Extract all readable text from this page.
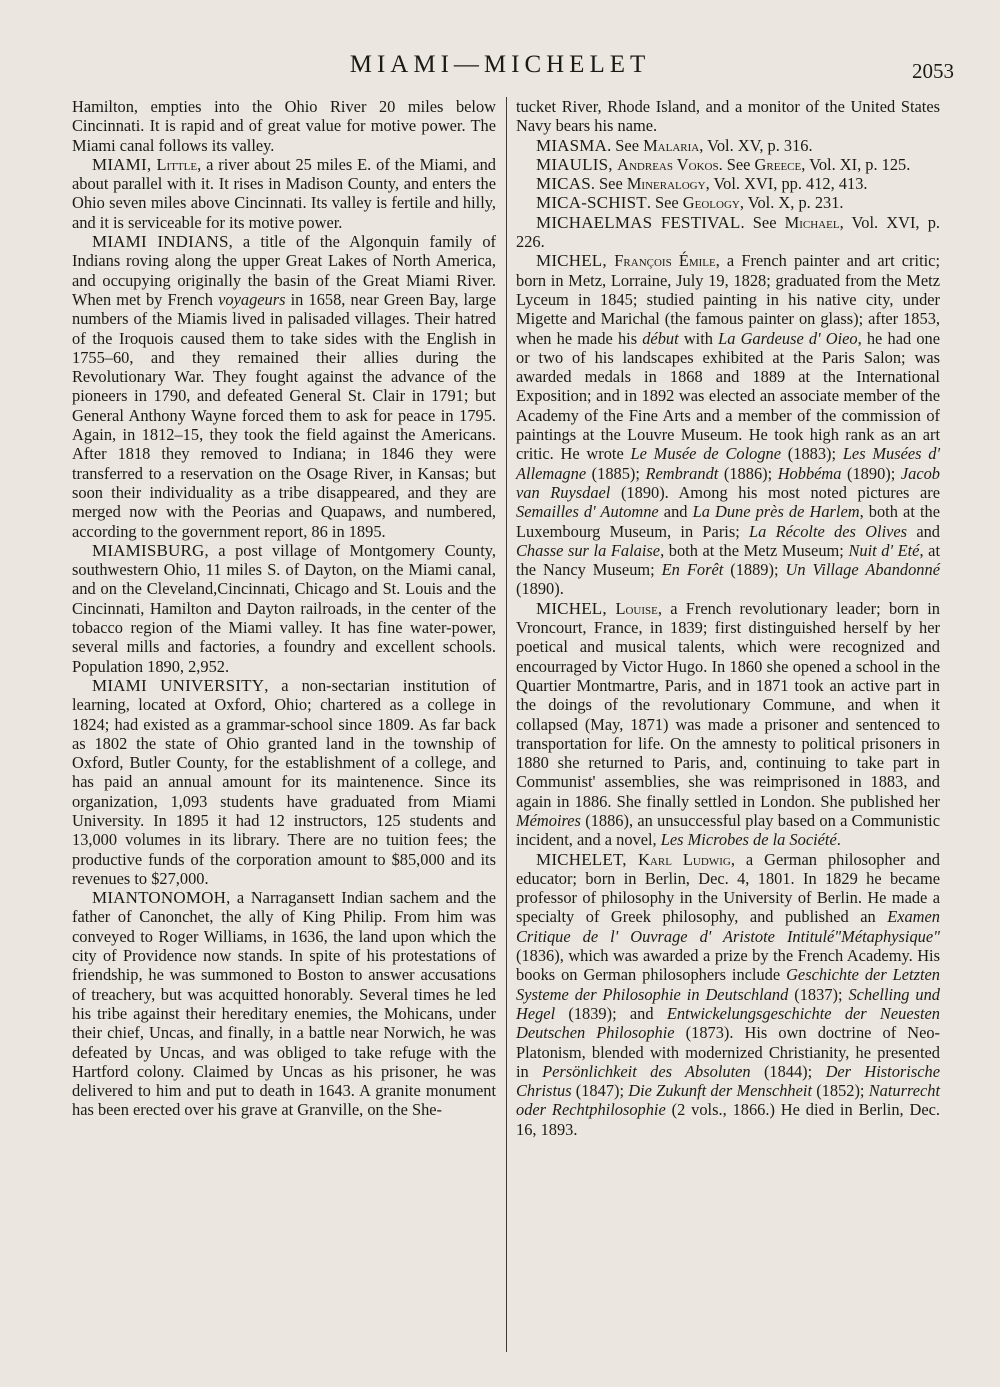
MIAMI—MICHELET	2053

Hamilton, empties into the Ohio River 20 miles below Cincinnati. It is rapid and of great value for motive power. The Miami canal follows its valley.

MIAMI, Little, a river about 25 miles E. of the Miami, and about parallel with it. It rises in Madison County, and enters the Ohio seven miles above Cincinnati. Its valley is fertile and hilly, and it is serviceable for its motive power.

MIAMI INDIANS, a title of the Algonquin family of Indians roving along the upper Great Lakes of North America, and occupying originally the basin of the Great Miami River. When met by French voyageurs in 1658, near Green Bay, large numbers of the Miamis lived in palisaded villages. Their hatred of the Iroquois caused them to take sides with the English in 1755–60, and they remained their allies during the Revolutionary War. They fought against the advance of the pioneers in 1790, and defeated General St. Clair in 1791; but General Anthony Wayne forced them to ask for peace in 1795. Again, in 1812–15, they took the field against the Americans. After 1818 they removed to Indiana; in 1846 they were transferred to a reservation on the Osage River, in Kansas; but soon their individuality as a tribe disappeared, and they are merged now with the Peorias and Quapaws, and numbered, according to the government report, 86 in 1895.

MIAMISBURG, a post village of Montgomery County, southwestern Ohio, 11 miles S. of Dayton, on the Miami canal, and on the Cleveland,Cincinnati, Chicago and St. Louis and the Cincinnati, Hamilton and Dayton railroads, in the center of the tobacco region of the Miami valley. It has fine water-power, several mills and factories, a foundry and excellent schools. Population 1890, 2,952.

MIAMI UNIVERSITY, a non-sectarian institution of learning, located at Oxford, Ohio; chartered as a college in 1824; had existed as a grammar-school since 1809. As far back as 1802 the state of Ohio granted land in the township of Oxford, Butler County, for the establishment of a college, and has paid an annual amount for its maintenence. Since its organization, 1,093 students have graduated from Miami University. In 1895 it had 12 instructors, 125 students and 13,000 volumes in its library. There are no tuition fees; the productive funds of the corporation amount to $85,000 and its revenues to $27,000.

MIANTONOMOH, a Narragansett Indian sachem and the father of Canonchet, the ally of King Philip. From him was conveyed to Roger Williams, in 1636, the land upon which the city of Providence now stands. In spite of his protestations of friendship, he was summoned to Boston to answer accusations of treachery, but was acquitted honorably. Several times he led his tribe against their hereditary enemies, the Mohicans, under their chief, Uncas, and finally, in a battle near Norwich, he was defeated by Uncas, and was obliged to take refuge with the Hartford colony. Claimed by Uncas as his prisoner, he was delivered to him and put to death in 1643. A granite monument has been erected over his grave at Granville, on the She-

tucket River, Rhode Island, and a monitor of the United States Navy bears his name.

MIASMA. See Malaria, Vol. XV, p. 316.

MIAULIS, Andreas Vokos. See Greece, Vol. XI, p. 125.

MICAS. See Mineralogy, Vol. XVI, pp. 412, 413.

MICA-SCHIST. See Geology, Vol. X, p. 231.

MICHAELMAS FESTIVAL. See Michael, Vol. XVI, p. 226.

MICHEL, François Émile, a French painter and art critic; born in Metz, Lorraine, July 19, 1828; graduated from the Metz Lyceum in 1845; studied painting in his native city, under Migette and Marichal (the famous painter on glass); after 1853, when he made his début with La Gardeuse d' Oieo, he had one or two of his landscapes exhibited at the Paris Salon; was awarded medals in 1868 and 1889 at the International Exposition; and in 1892 was elected an associate member of the Academy of the Fine Arts and a member of the commission of paintings at the Louvre Museum. He took high rank as an art critic. He wrote Le Musée de Cologne (1883); Les Musées d' Allemagne (1885); Rembrandt (1886); Hobbéma (1890); Jacob van Ruysdael (1890). Among his most noted pictures are Semailles d' Automne and La Dune près de Harlem, both at the Luxembourg Museum, in Paris; La Récolte des Olives and Chasse sur la Falaise, both at the Metz Museum; Nuit d' Eté, at the Nancy Museum; En Forêt (1889); Un Village Abandonné (1890).

MICHEL, Louise, a French revolutionary leader; born in Vroncourt, France, in 1839; first distinguished herself by her poetical and musical talents, which were recognized and encourraged by Victor Hugo. In 1860 she opened a school in the Quartier Montmartre, Paris, and in 1871 took an active part in the doings of the revolutionary Commune, and when it collapsed (May, 1871) was made a prisoner and sentenced to transportation for life. On the amnesty to political prisoners in 1880 she returned to Paris, and, continuing to take part in Communist' assemblies, she was reimprisoned in 1883, and again in 1886. She finally settled in London. She published her Mémoires (1886), an unsuccessful play based on a Communistic incident, and a novel, Les Microbes de la Société.

MICHELET, Karl Ludwig, a German philosopher and educator; born in Berlin, Dec. 4, 1801. In 1829 he became professor of philosophy in the University of Berlin. He made a specialty of Greek philosophy, and published an Examen Critique de l' Ouvrage d' Aristote Intitulé"Métaphysique" (1836), which was awarded a prize by the French Academy. His books on German philosophers include Geschichte der Letzten Systeme der Philosophie in Deutschland (1837); Schelling und Hegel (1839); and Entwickelungsgeschichte der Neuesten Deutschen Philosophie (1873). His own doctrine of Neo-Platonism, blended with modernized Christianity, he presented in Persönlichkeit des Absoluten (1844); Der Historische Christus (1847); Die Zukunft der Menschheit (1852); Naturrecht oder Rechtphilosophie (2 vols., 1866.) He died in Berlin, Dec. 16, 1893.
